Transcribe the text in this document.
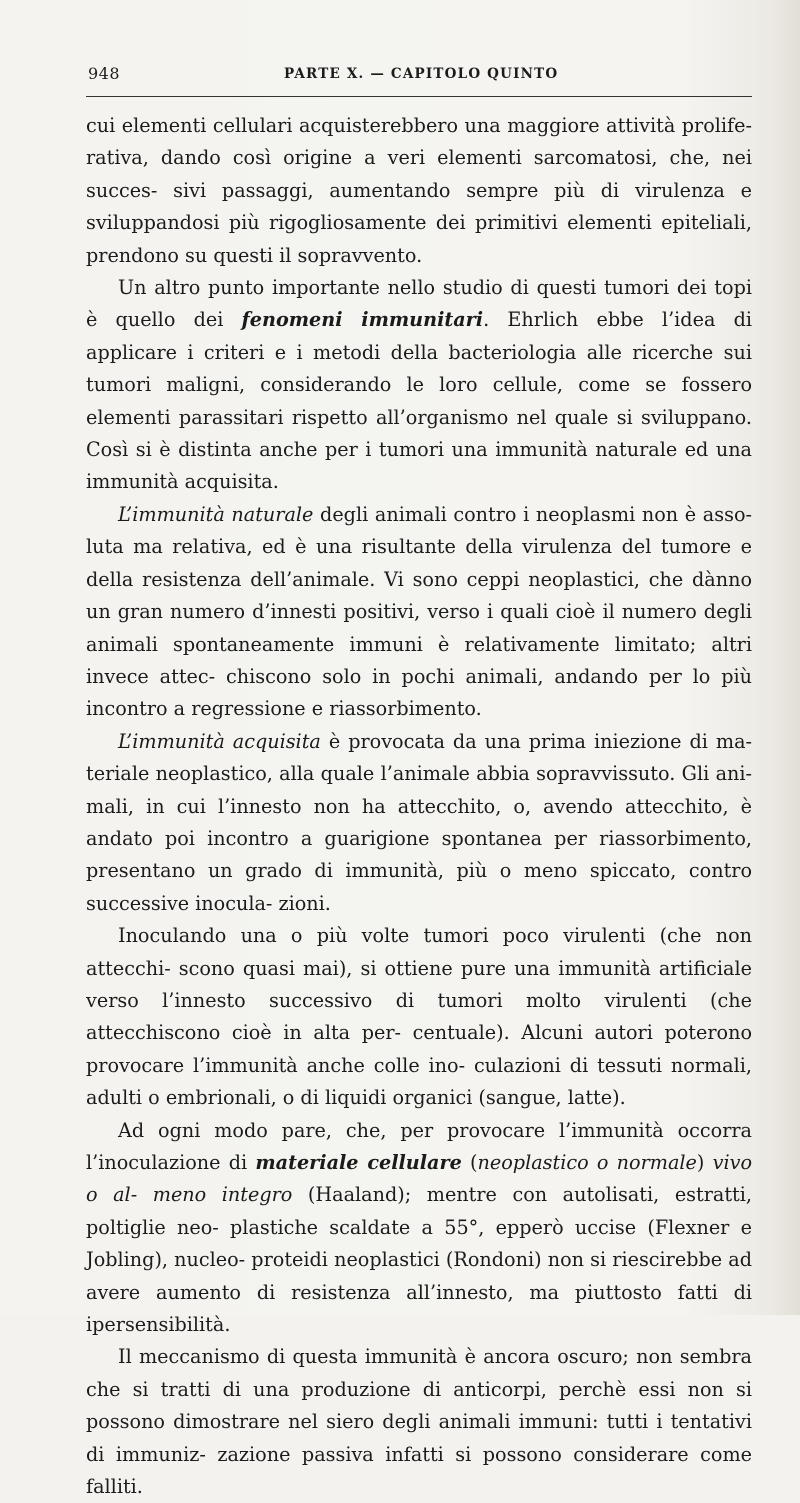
948	PARTE X. — CAPITOLO QUINTO

cui elementi cellulari acquisterebbero una maggiore attività prolife- rativa, dando così origine a veri elementi sarcomatosi, che, nei succes- sivi passaggi, aumentando sempre più di virulenza e sviluppandosi più rigogliosamente dei primitivi elementi epiteliali, prendono su questi il sopravvento.

Un altro punto importante nello studio di questi tumori dei topi è quello dei fenomeni immunitari. Ehrlich ebbe l’idea di applicare i criteri e i metodi della bacteriologia alle ricerche sui tumori maligni, considerando le loro cellule, come se fossero elementi parassitari rispetto all’organismo nel quale si sviluppano. Così si è distinta anche per i tumori una immunità naturale ed una immunità acquisita.

L’immunità naturale degli animali contro i neoplasmi non è asso- luta ma relativa, ed è una risultante della virulenza del tumore e della resistenza dell’animale. Vi sono ceppi neoplastici, che dànno un gran numero d’innesti positivi, verso i quali cioè il numero degli animali spontaneamente immuni è relativamente limitato; altri invece attec- chiscono solo in pochi animali, andando per lo più incontro a regressione e riassorbimento.

L’immunità acquisita è provocata da una prima iniezione di ma- teriale neoplastico, alla quale l’animale abbia sopravvissuto. Gli ani- mali, in cui l’innesto non ha attecchito, o, avendo attecchito, è andato poi incontro a guarigione spontanea per riassorbimento, presentano un grado di immunità, più o meno spiccato, contro successive inocula- zioni.

Inoculando una o più volte tumori poco virulenti (che non attecchi- scono quasi mai), si ottiene pure una immunità artificiale verso l’innesto successivo di tumori molto virulenti (che attecchiscono cioè in alta per- centuale). Alcuni autori poterono provocare l’immunità anche colle ino- culazioni di tessuti normali, adulti o embrionali, o di liquidi organici (sangue, latte).

Ad ogni modo pare, che, per provocare l’immunità occorra l’inoculazione di materiale cellulare (neoplastico o normale) vivo o al- meno integro (Haaland); mentre con autolisati, estratti, poltiglie neo- plastiche scaldate a 55°, epperò uccise (Flexner e Jobling), nucleo- proteidi neoplastici (Rondoni) non si riescirebbe ad avere aumento di resistenza all’innesto, ma piuttosto fatti di ipersensibilità.

Il meccanismo di questa immunità è ancora oscuro; non sembra che si tratti di una produzione di anticorpi, perchè essi non si possono dimostrare nel siero degli animali immuni: tutti i tentativi di immuniz- zazione passiva infatti si possono considerare come falliti.
